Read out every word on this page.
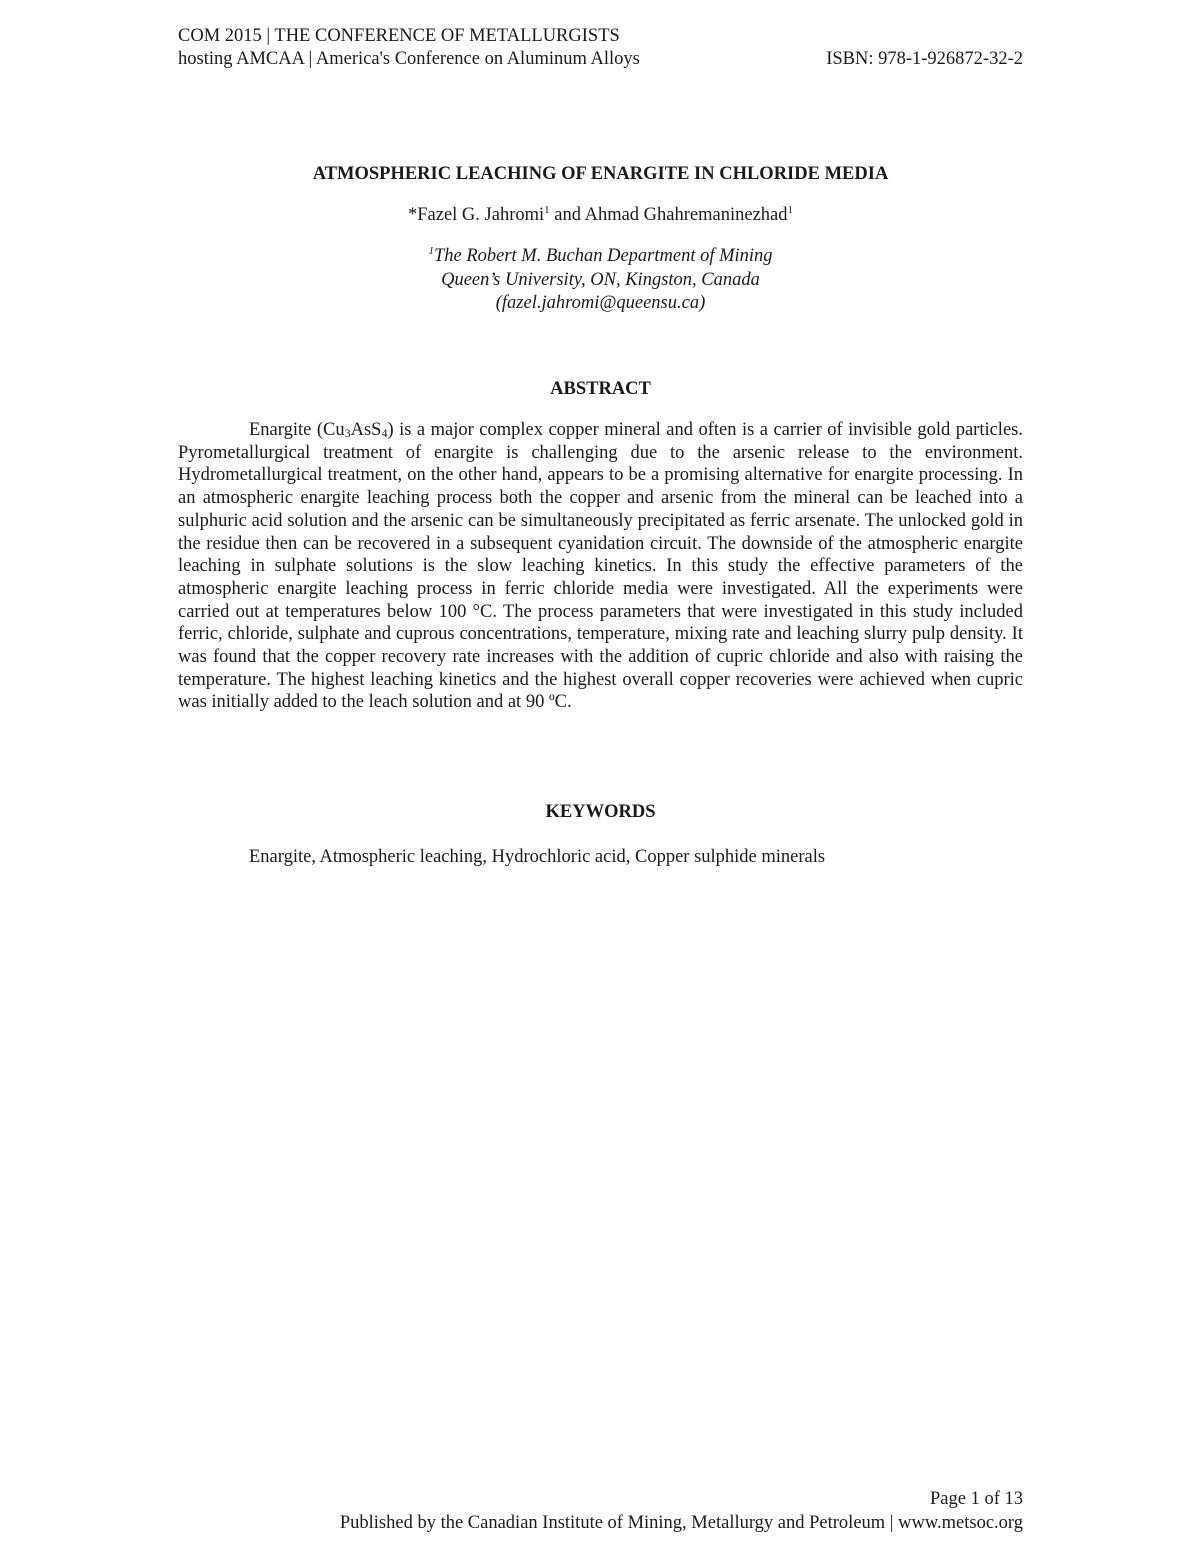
COM 2015 | THE CONFERENCE OF METALLURGISTS
hosting AMCAA | America's Conference on Aluminum Alloys	ISBN: 978-1-926872-32-2
ATMOSPHERIC LEACHING OF ENARGITE IN CHLORIDE MEDIA
*Fazel G. Jahromi$^1$ and Ahmad Ghahremaninezhad$^1$
$^1$The Robert M. Buchan Department of Mining
Queen’s University, ON, Kingston, Canada
(fazel.jahromi@queensu.ca)
ABSTRACT

Enargite $(Cu_3AsS_4)$ is a major complex copper mineral and often is a carrier of invisible gold particles. Pyrometallurgical treatment of enargite is challenging due to the arsenic release to the environment. Hydrometallurgical treatment, on the other hand, appears to be a promising alternative for enargite processing. In an atmospheric enargite leaching process both the copper and arsenic from the mineral can be leached into a sulphuric acid solution and the arsenic can be simultaneously precipitated as ferric arsenate. The unlocked gold in the residue then can be recovered in a subsequent cyanidation circuit. The downside of the atmospheric enargite leaching in sulphate solutions is the slow leaching kinetics. In this study the effective parameters of the atmospheric enargite leaching process in ferric chloride media were investigated. All the experiments were carried out at temperatures below 100 °C. The process parameters that were investigated in this study included ferric, chloride, sulphate and cuprous concentrations, temperature, mixing rate and leaching slurry pulp density. It was found that the copper recovery rate increases with the addition of cupric chloride and also with raising the temperature. The highest leaching kinetics and the highest overall copper recoveries were achieved when cupric was initially added to the leach solution and at 90 ºC.

KEYWORDS
Enargite, Atmospheric leaching, Hydrochloric acid, Copper sulphide minerals
Page 1 of 13
Published by the Canadian Institute of Mining, Metallurgy and Petroleum | www.metsoc.org
